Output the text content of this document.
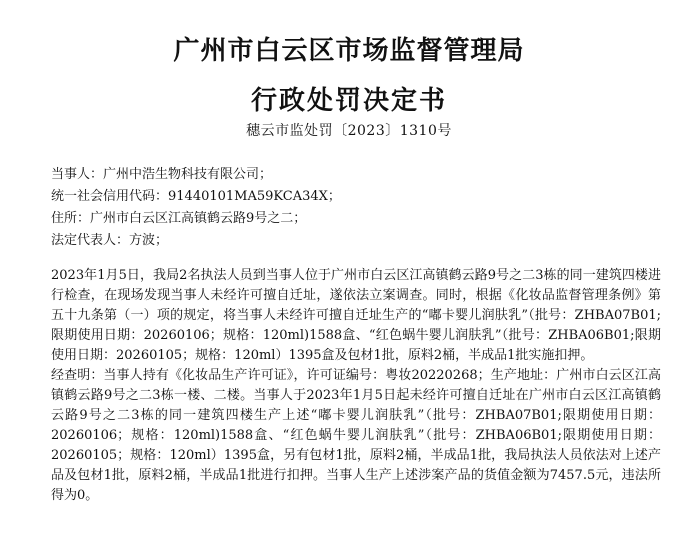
广州市白云区市场监督管理局
行政处罚决定书
穗云市监处罚〔2023〕1310号
当事人：广州中浩生物科技有限公司；
统一社会信用代码：91440101MA59KCA34X；
住所：广州市白云区江高镇鹤云路9号之二；
法定代表人：方波；

2023年1月5日，我局2名执法人员到当事人位于广州市白云区江高镇鹤云路9号之二3栋的同一建筑四楼进行检查，在现场发现当事人未经许可擅自迁址，遂依法立案调查。同时，根据《化妆品监督管理条例》第五十九条第（一）项的规定，将当事人未经许可擅自迁址生产的“嘟卡婴儿润肤乳”（批号：ZHBA07B01;限期使用日期：20260106；规格：120ml)1588盒、“红色蜗牛婴儿润肤乳”（批号：ZHBA06B01;限期使用日期：20260105；规格：120ml）1395盒及包材1批，原料2桶，半成品1批实施扣押。

经查明：当事人持有《化妆品生产许可证》，许可证编号：粤妆20220268；生产地址：广州市白云区江高镇鹤云路9号之二3栋一楼、二楼。当事人于2023年1月5日起未经许可擅自迁址在广州市白云区江高镇鹤云路9号之二3栋的同一建筑四楼生产上述“嘟卡婴儿润肤乳”（批号：ZHBA07B01;限期使用日期：20260106；规格：120ml)1588盒、“红色蜗牛婴儿润肤乳”（批号：ZHBA06B01;限期使用日期：20260105；规格：120ml）1395盒，另有包材1批，原料2桶，半成品1批，我局执法人员依法对上述产品及包材1批，原料2桶，半成品1批进行扣押。当事人生产上述涉案产品的货值金额为7457.5元，违法所得为0。
